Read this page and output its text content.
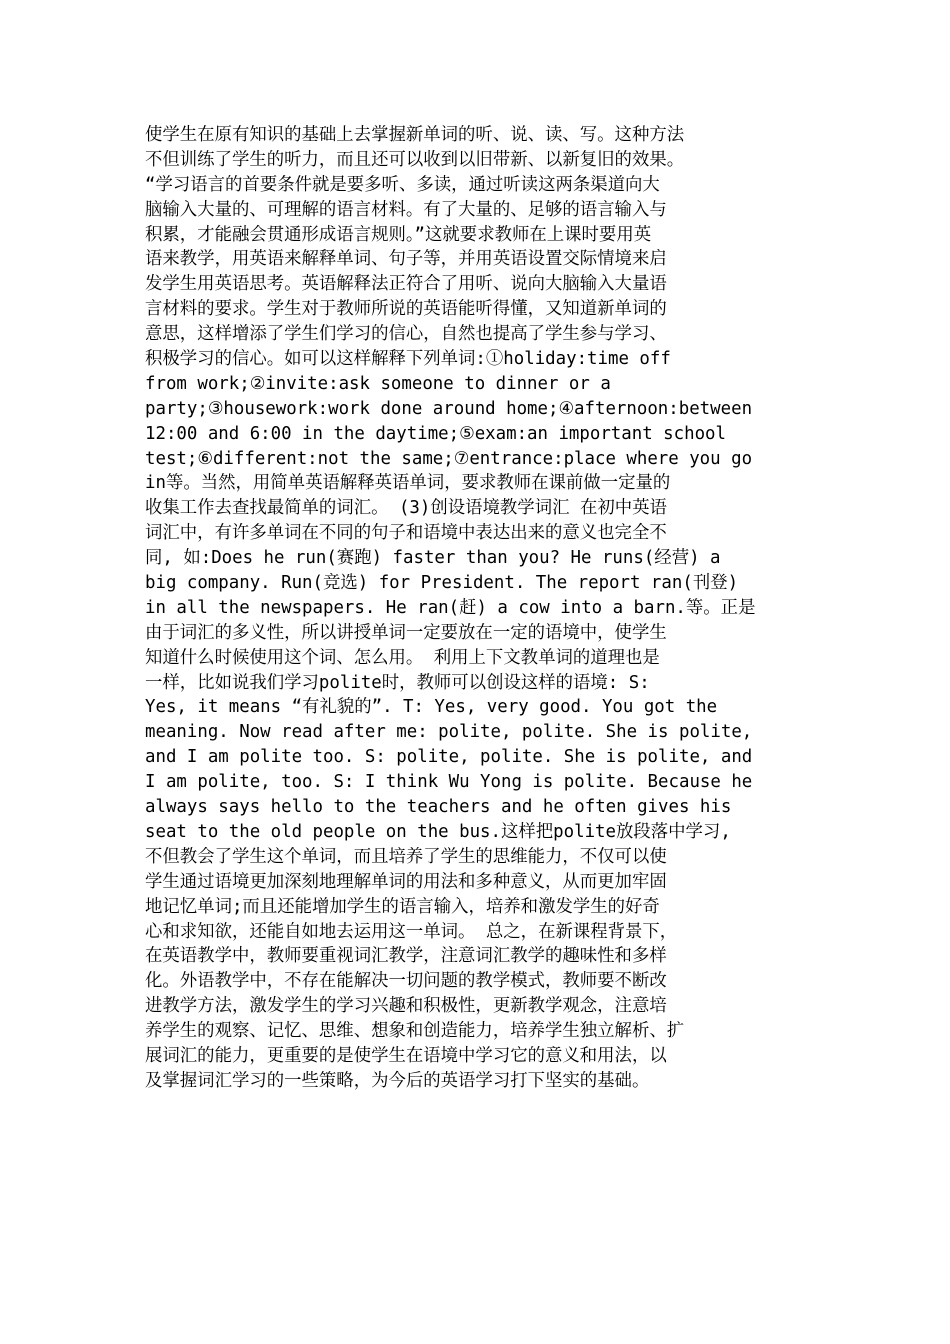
使学生在原有知识的基础上去掌握新单词的听、说、读、写。这种方法
不但训练了学生的听力，而且还可以收到以旧带新、以新复旧的效果。
“学习语言的首要条件就是要多听、多读，通过听读这两条渠道向大
脑输入大量的、可理解的语言材料。有了大量的、足够的语言输入与
积累，才能融会贯通形成语言规则。”这就要求教师在上课时要用英
语来教学，用英语来解释单词、句子等，并用英语设置交际情境来启
发学生用英语思考。英语解释法正符合了用听、说向大脑输入大量语
言材料的要求。学生对于教师所说的英语能听得懂，又知道新单词的
意思，这样增添了学生们学习的信心，自然也提高了学生参与学习、
积极学习的信心。如可以这样解释下列单词:①holiday:time off
from work;②invite:ask someone to dinner or a
party;③housework:work done around home;④afternoon:between
12:00 and 6:00 in the daytime;⑤exam:an important school
test;⑥different:not the same;⑦entrance:place where you go
in等。当然，用简单英语解释英语单词，要求教师在课前做一定量的
收集工作去查找最简单的词汇。 (3)创设语境教学词汇 在初中英语
词汇中，有许多单词在不同的句子和语境中表达出来的意义也完全不
同, 如:Does he run(赛跑) faster than you? He runs(经营) a
big company. Run(竞选) for President. The report ran(刊登)
in all the newspapers. He ran(赶) a cow into a barn.等。正是
由于词汇的多义性，所以讲授单词一定要放在一定的语境中，使学生
知道什么时候使用这个词、怎么用。 利用上下文教单词的道理也是
一样，比如说我们学习polite时，教师可以创设这样的语境: S:
Yes, it means “有礼貌的”. T: Yes, very good. You got the
meaning. Now read after me: polite, polite. She is polite,
and I am polite too. S: polite, polite. She is polite, and
I am polite, too. S: I think Wu Yong is polite. Because he
always says hello to the teachers and he often gives his
seat to the old people on the bus.这样把polite放段落中学习,
不但教会了学生这个单词，而且培养了学生的思维能力，不仅可以使
学生通过语境更加深刻地理解单词的用法和多种意义，从而更加牢固
地记忆单词;而且还能增加学生的语言输入，培养和激发学生的好奇
心和求知欲，还能自如地去运用这一单词。 总之，在新课程背景下，
在英语教学中，教师要重视词汇教学，注意词汇教学的趣味性和多样
化。外语教学中，不存在能解决一切问题的教学模式，教师要不断改
进教学方法，激发学生的学习兴趣和积极性，更新教学观念，注意培
养学生的观察、记忆、思维、想象和创造能力，培养学生独立解析、扩
展词汇的能力，更重要的是使学生在语境中学习它的意义和用法，以
及掌握词汇学习的一些策略，为今后的英语学习打下坚实的基础。
